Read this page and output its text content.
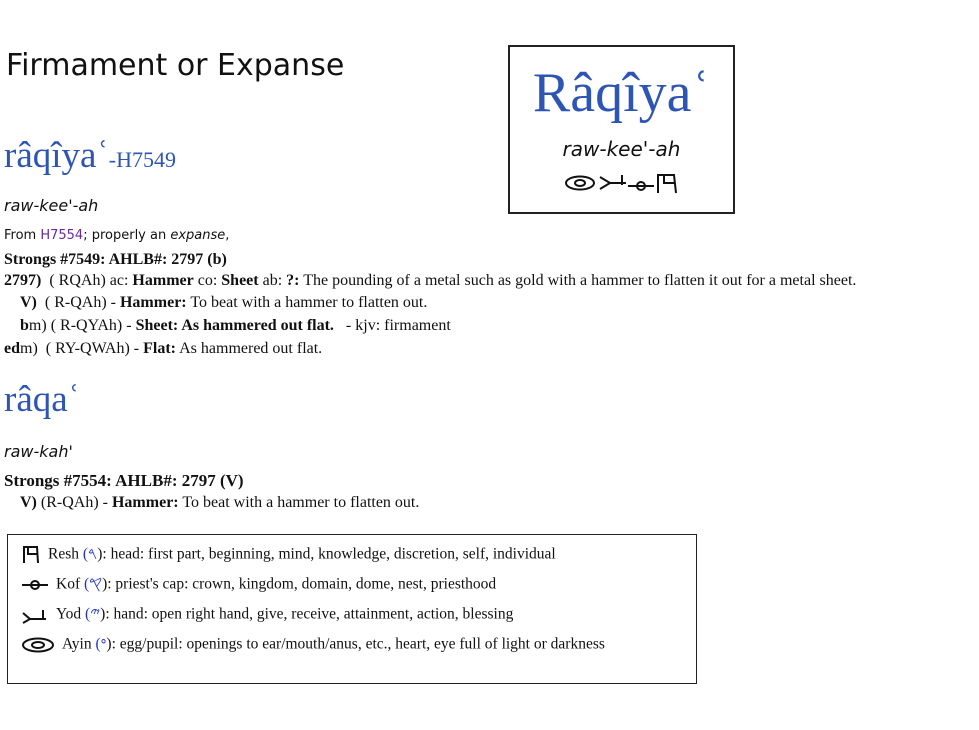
Firmament or Expanse	Râqîyaʿ
raw-kee'-ah
râqîyaʿ-H7549
raw-kee'-ah
From H7554; properly an expanse,
Strongs #7549: AHLB#: 2797 (b)
2797) ( RQAh) ac: Hammer co: Sheet ab: ?: The pounding of a metal such as gold with a hammer to flatten it out for a metal sheet.
V) ( R-QAh) - Hammer: To beat with a hammer to flatten out.
bm) ( R-QYAh) - Sheet: As hammered out flat. - kjv: firmament
edm) ( RY-QWAh) - Flat: As hammered out flat.
râqaʿ
raw-kah'
Strongs #7554: AHLB#: 2797 (V)
V) (R-QAh) - Hammer: To beat with a hammer to flatten out.
Resh (𐤓): head: first part, beginning, mind, knowledge, discretion, self, individual
Kof (𐤒): priest's cap: crown, kingdom, domain, dome, nest, priesthood
Yod (𐤉): hand: open right hand, give, receive, attainment, action, blessing
Ayin (𐤏): egg/pupil: openings to ear/mouth/anus, etc., heart, eye full of light or darkness
